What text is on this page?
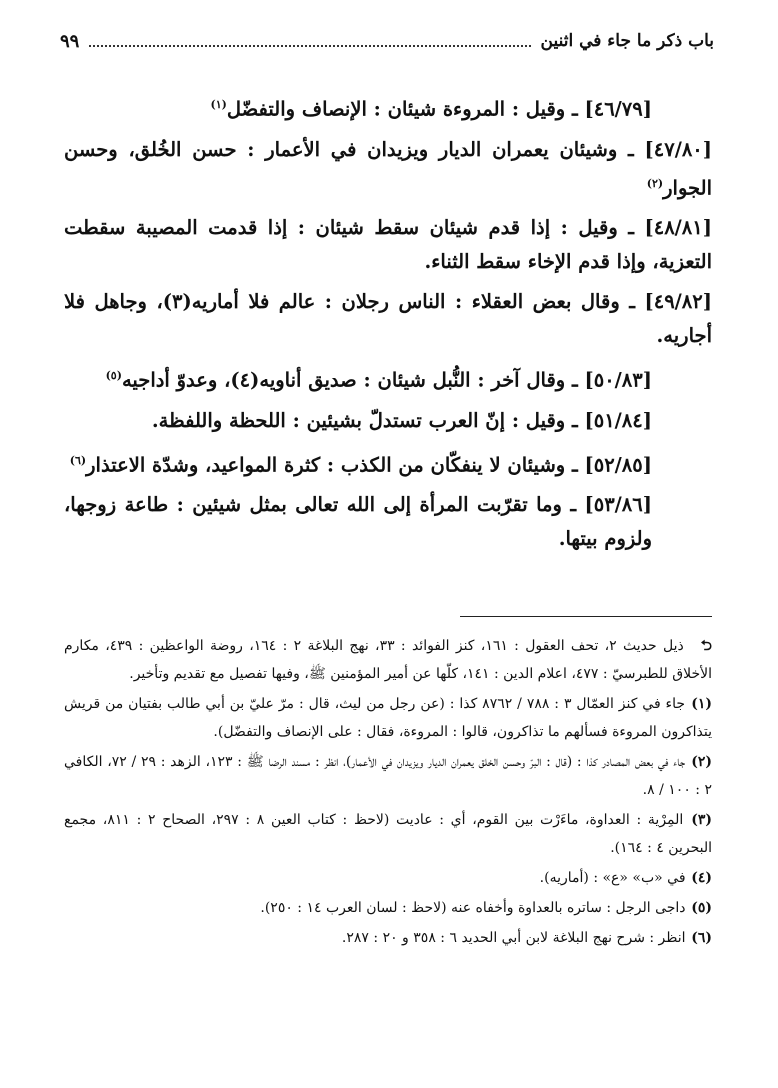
باب ذكر ما جاء في اثنين
٩٩

[٤٦/٧٩] ـ وقيل : المروءة شيئان : الإنصاف والتفضّل$^{(١)}$

[٤٧/٨٠] ـ وشيئان يعمران الديار ويزيدان في الأعمار : حسن الخُلق، وحسن الجوار$^{(٢)}$

[٤٨/٨١] ـ وقيل : إذا قدم شيئان سقط شيئان : إذا قدمت المصيبة سقطت التعزية، وإذا قدم الإخاء سقط الثناء.

[٤٩/٨٢] ـ وقال بعض العقلاء : الناس رجلان : عالم فلا أماريه(٣)، وجاهل فلا أجاريه.

[٥٠/٨٣] ـ وقال آخر : النُّبل شيئان : صديق أناويه(٤)، وعدوّ أداجيه$^{(٥)}$

[٥١/٨٤] ـ وقيل : إنّ العرب تستدلّ بشيئين : اللحظة واللفظة.

[٥٢/٨٥] ـ وشيئان لا ينفكّان من الكذب : كثرة المواعيد، وشدّة الاعتذار$^{(٦)}$

[٥٣/٨٦] ـ وما تقرّبت المرأة إلى الله تعالى بمثل شيئين : طاعة زوجها، ولزوم بيتها.

⮌ ذيل حديث ٢، تحف العقول : ١٦١، كنز الفوائد : ٣٣، نهج البلاغة ٢ : ١٦٤، روضة الواعظين : ٤٣٩، مكارم الأخلاق للطبرسيّ : ٤٧٧، اعلام الدين : ١٤١، كلّها عن أمير المؤمنين ﷺ، وفيها تفصيل مع تقديم وتأخير.

(١) جاء في كنز العمّال ٣ : ٧٨٨ / ٨٧٦٢ كذا : (عن رجل من ليث، قال : مرّ عليّ بن أبي طالب بفتيان من قريش يتذاكرون المروءة فسألهم ما تذاكرون، قالوا : المروءة، فقال : على الإنصاف والتفضّل).

(٢) جاء في بعض المصادر كذا : (قال : البرّ وحسن الخلق يعمران الديار ويزيدان في الأعمار)، انظر : مسند الرضا ﷺ : ١٢٣، الزهد : ٢٩ / ٧٢، الكافي ٢ : ١٠٠ / ٨.

(٣) المِرْية : العداوة، ماءَرْت بين القوم، أي : عاديت (لاحظ : كتاب العين ٨ : ٢٩٧، الصحاح ٢ : ٨١١، مجمع البحرين ٤ : ١٦٤).

(٤) في «ب» «ع» : (أماريه).

(٥) داجى الرجل : ساتره بالعداوة وأخفاه عنه (لاحظ : لسان العرب ١٤ : ٢٥٠).

(٦) انظر : شرح نهج البلاغة لابن أبي الحديد ٦ : ٣٥٨ و ٢٠ : ٢٨٧.
